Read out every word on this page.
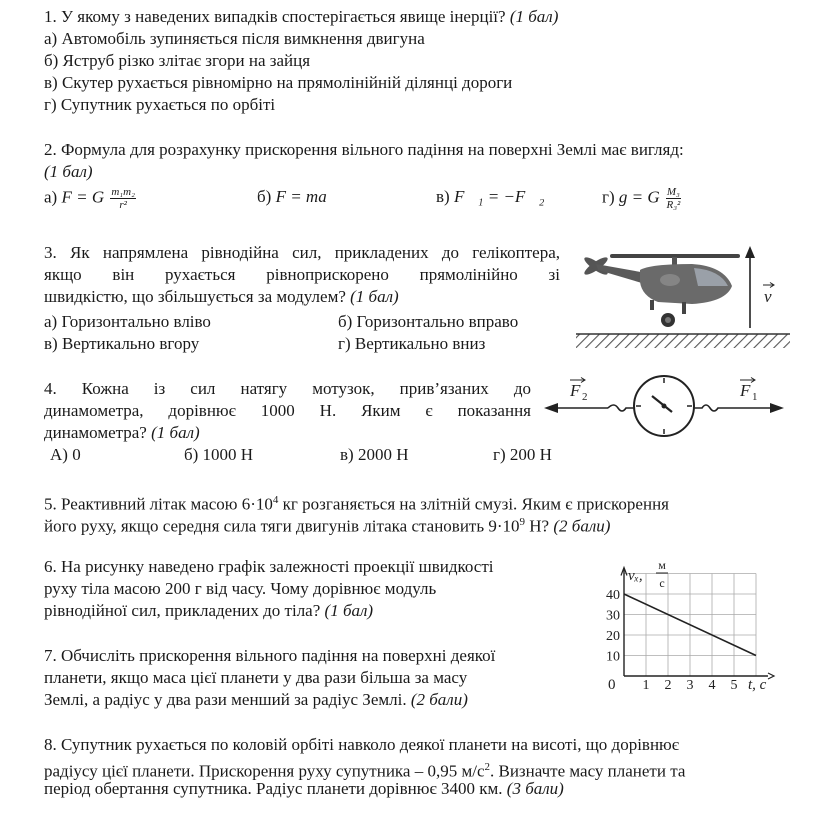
1. У якому з наведених випадків спостерігається явище інерції? (1 бал)
а) Автомобіль зупиняється після вимкнення двигуна
б) Яструб різко злітає згори на зайця
в) Скутер рухається рівномірно на прямолінійній ділянці дороги
г) Супутник рухається по орбіті
2. Формула для розрахунку прискорення вільного падіння на поверхні Землі має вигляд:
(1 бал)
а) F = G $\frac{\text{m₁m₂}}{\text{r²}}$	б) F = ma	в) F⃗₁ = −F⃗₂	г) g = G $\frac{\text{M₃}}{\text{R₃²}}$
3. Як напрямлена рівнодійна сил, прикладених до гелікоптера,
якщо він рухається рівноприскорено прямолінійно зі
швидкістю, що збільшується за модулем? (1 бал)
а) Горизонтально вліво	б) Горизонтально вправо
в) Вертикально вгору	г) Вертикально вниз
v
4. Кожна із сил натягу мотузок, прив’язаних до
динамометра, дорівнює 1000 Н. Яким є показання
динамометра? (1 бал)
А) 0	б) 1000 Н	в) 2000 Н	г) 200 Н
F 2	F 1
5. Реактивний літак масою $6\cdot 10^4$ кг розганяється на злітній смузі. Яким є прискорення
його руху, якщо середня сила тяги двигунів літака становить $9\cdot 10^9$ Н? (2 бали)
6. На рисунку наведено графік залежності проекції швидкості
руху тіла масою 200 г від часу. Чому дорівнює модуль
рівнодійної сил, прикладених до тіла? (1 бал)
7. Обчисліть прискорення вільного падіння на поверхні деякої
планети, якщо маса цієї планети у два рази більша за масу
Землі, а радіус у два рази менший за радіус Землі. (2 бали)
1 2 3 4 5
10
20
30
40
vₓ,
м
с
t, с
0
8. Супутник рухається по коловій орбіті навколо деякої планети на висоті, що дорівнює
радіусу цієї планети. Прискорення руху супутника – 0,95 $м/с^2$. Визначте масу планети та
період обертання супутника. Радіус планети дорівнює 3400 км. (3 бали)
